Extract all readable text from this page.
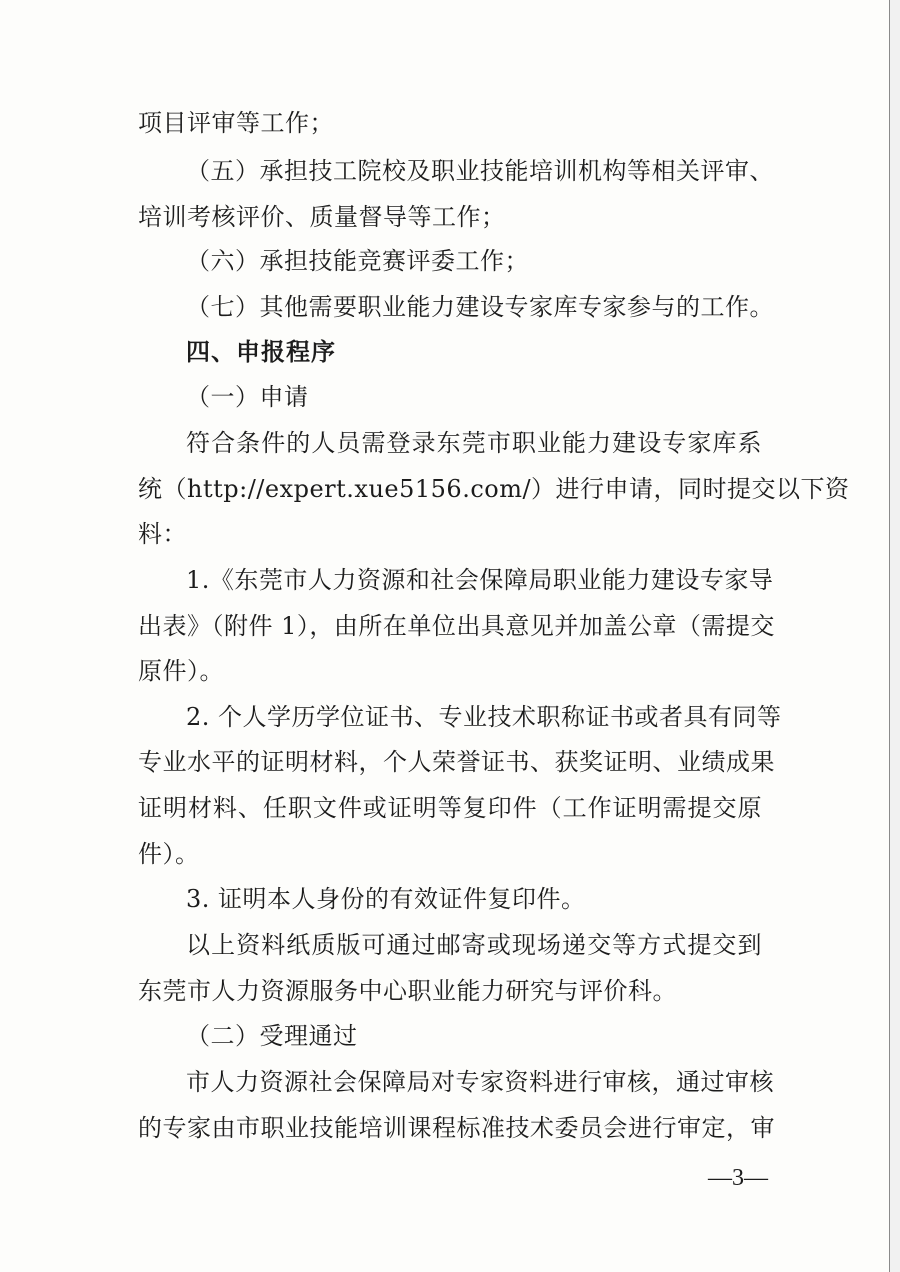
项目评审等工作；

（五）承担技工院校及职业技能培训机构等相关评审、

培训考核评价、质量督导等工作；

（六）承担技能竞赛评委工作；

（七）其他需要职业能力建设专家库专家参与的工作。

四、申报程序

（一）申请

符合条件的人员需登录东莞市职业能力建设专家库系

统（http://expert.xue5156.com/）进行申请，同时提交以下资

料：

1.《东莞市人力资源和社会保障局职业能力建设专家导

出表》（附件 1），由所在单位出具意见并加盖公章（需提交

原件）。

2. 个人学历学位证书、专业技术职称证书或者具有同等

专业水平的证明材料，个人荣誉证书、获奖证明、业绩成果

证明材料、任职文件或证明等复印件（工作证明需提交原

件）。

3. 证明本人身份的有效证件复印件。

以上资料纸质版可通过邮寄或现场递交等方式提交到

东莞市人力资源服务中心职业能力研究与评价科。

（二）受理通过

市人力资源社会保障局对专家资料进行审核，通过审核

的专家由市职业技能培训课程标准技术委员会进行审定，审

—3—
